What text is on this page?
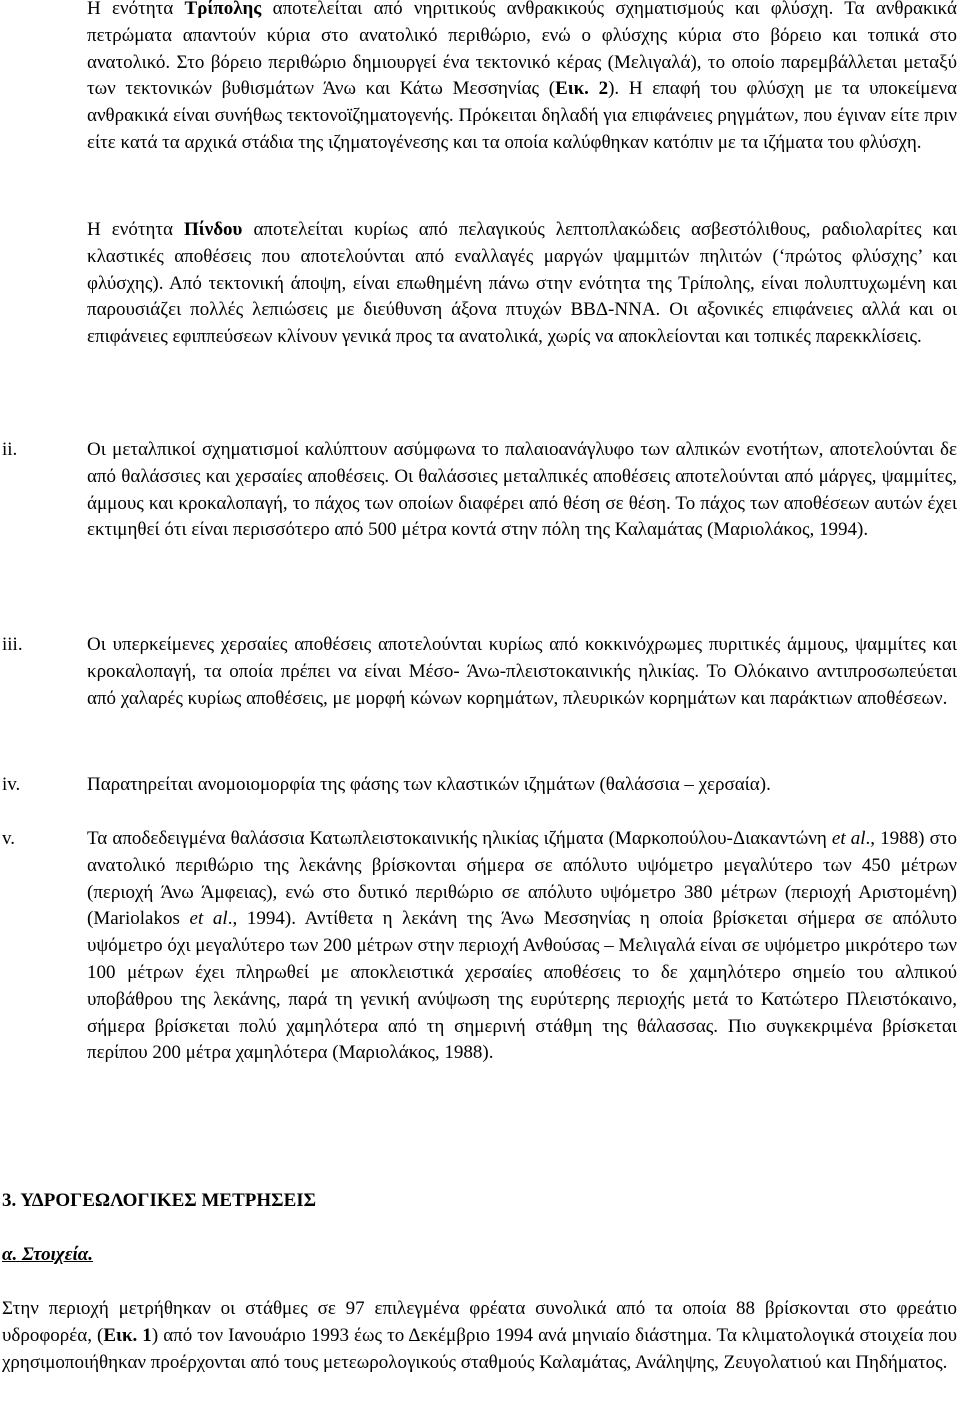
Η ενότητα Τρίπολης αποτελείται από νηριτικούς ανθρακικούς σχηματισμούς και φλύσχη. Τα ανθρακικά πετρώματα απαντούν κύρια στο ανατολικό περιθώριο, ενώ ο φλύσχης κύρια στο βόρειο και τοπικά στο ανατολικό. Στο βόρειο περιθώριο δημιουργεί ένα τεκτονικό κέρας (Μελιγαλά), το οποίο παρεμβάλλεται μεταξύ των τεκτονικών βυθισμάτων Άνω και Κάτω Μεσσηνίας (Εικ. 2). Η επαφή του φλύσχη με τα υποκείμενα ανθρακικά είναι συνήθως τεκτονοϊζηματογενής. Πρόκειται δηλαδή για επιφάνειες ρηγμάτων, που έγιναν είτε πριν είτε κατά τα αρχικά στάδια της ιζηματογένεσης και τα οποία καλύφθηκαν κατόπιν με τα ιζήματα του φλύσχη.

Η ενότητα Πίνδου αποτελείται κυρίως από πελαγικούς λεπτοπλακώδεις ασβεστόλιθους, ραδιολαρίτες και κλαστικές αποθέσεις που αποτελούνται από εναλλαγές μαργών ψαμμιτών πηλιτών (‘πρώτος φλύσχης’ και φλύσχης). Από τεκτονική άποψη, είναι επωθημένη πάνω στην ενότητα της Τρίπολης, είναι πολυπτυχωμένη και παρουσιάζει πολλές λεπιώσεις με διεύθυνση άξονα πτυχών ΒΒΔ-ΝΝΑ. Οι αξονικές επιφάνειες αλλά και οι επιφάνειες εφιππεύσεων κλίνουν γενικά προς τα ανατολικά, χωρίς να αποκλείονται και τοπικές παρεκκλίσεις.

ii.	Οι μεταλπικοί σχηματισμοί καλύπτουν ασύμφωνα το παλαιοανάγλυφο των αλπικών ενοτήτων, αποτελούνται δε από θαλάσσιες και χερσαίες αποθέσεις. Οι θαλάσσιες μεταλπικές αποθέσεις αποτελούνται από μάργες, ψαμμίτες, άμμους και κροκαλοπαγή, το πάχος των οποίων διαφέρει από θέση σε θέση. Το πάχος των αποθέσεων αυτών έχει εκτιμηθεί ότι είναι περισσότερο από 500 μέτρα κοντά στην πόλη της Καλαμάτας (Μαριολάκος, 1994).

iii.	Οι υπερκείμενες χερσαίες αποθέσεις αποτελούνται κυρίως από κοκκινόχρωμες πυριτικές άμμους, ψαμμίτες και κροκαλοπαγή, τα οποία πρέπει να είναι Μέσο- Άνω-πλειστοκαινικής ηλικίας. Το Ολόκαινο αντιπροσωπεύεται από χαλαρές κυρίως αποθέσεις, με μορφή κώνων κορημάτων, πλευρικών κορημάτων και παράκτιων αποθέσεων.

iv.	Παρατηρείται ανομοιομορφία της φάσης των κλαστικών ιζημάτων (θαλάσσια – χερσαία).

v.	Τα αποδεδειγμένα θαλάσσια Κατωπλειστοκαινικής ηλικίας ιζήματα (Μαρκοπούλου-Διακαντώνη et al., 1988) στο ανατολικό περιθώριο της λεκάνης βρίσκονται σήμερα σε απόλυτο υψόμετρο μεγαλύτερο των 450 μέτρων (περιοχή Άνω Άμφειας), ενώ στο δυτικό περιθώριο σε απόλυτο υψόμετρο 380 μέτρων (περιοχή Αριστομένη) (Mariolakos et al., 1994). Αντίθετα η λεκάνη της Άνω Μεσσηνίας η οποία βρίσκεται σήμερα σε απόλυτο υψόμετρο όχι μεγαλύτερο των 200 μέτρων στην περιοχή Ανθούσας – Μελιγαλά είναι σε υψόμετρο μικρότερο των 100 μέτρων έχει πληρωθεί με αποκλειστικά χερσαίες αποθέσεις το δε χαμηλότερο σημείο του αλπικού υποβάθρου της λεκάνης, παρά τη γενική ανύψωση της ευρύτερης περιοχής μετά το Κατώτερο Πλειστόκαινο, σήμερα βρίσκεται πολύ χαμηλότερα από τη σημερινή στάθμη της θάλασσας. Πιο συγκεκριμένα βρίσκεται περίπου 200 μέτρα χαμηλότερα (Μαριολάκος, 1988).

3. ΥΔΡΟΓΕΩΛΟΓΙΚΕΣ ΜΕΤΡΗΣΕΙΣ

α. Στοιχεία.

Στην περιοχή μετρήθηκαν οι στάθμες σε 97 επιλεγμένα φρέατα συνολικά από τα οποία 88 βρίσκονται στο φρεάτιο υδροφορέα, (Εικ. 1) από τον Ιανουάριο 1993 έως το Δεκέμβριο 1994 ανά μηνιαίο διάστημα. Τα κλιματολογικά στοιχεία που χρησιμοποιήθηκαν προέρχονται από τους μετεωρολογικούς σταθμούς Καλαμάτας, Ανάληψης, Ζευγολατιού και Πηδήματος.
